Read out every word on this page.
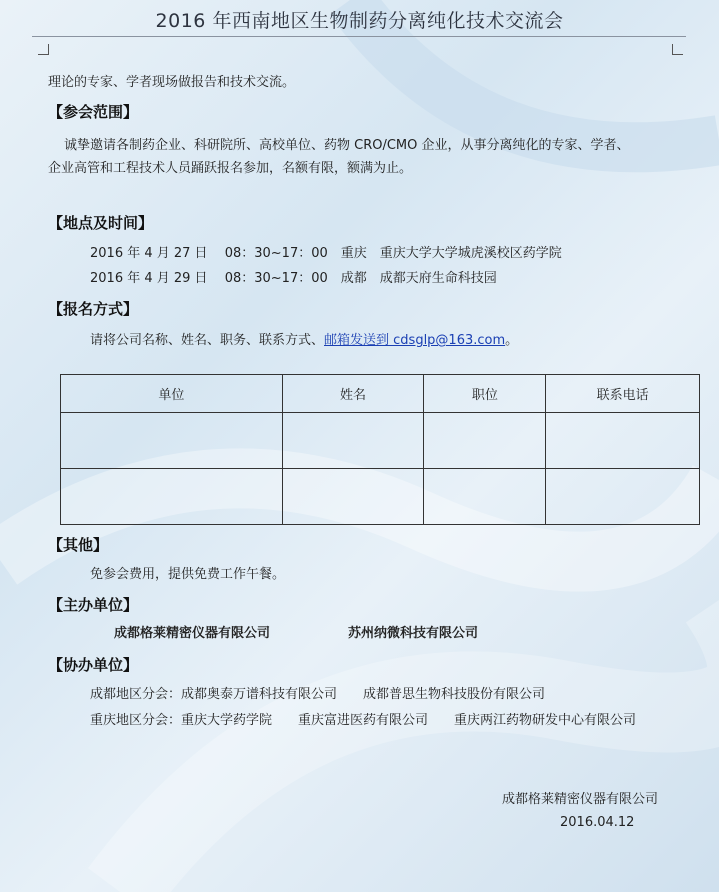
2016 年西南地区生物制药分离纯化技术交流会
理论的专家、学者现场做报告和技术交流。
【参会范围】
诚挚邀请各制药企业、科研院所、高校单位、药物 CRO/CMO 企业，从事分离纯化的专家、学者、
企业高管和工程技术人员踊跃报名参加，名额有限，额满为止。
【地点及时间】
2016 年 4 月 27 日 　08：30~17：00　重庆　重庆大学大学城虎溪校区药学院
2016 年 4 月 29 日 　08：30~17：00　成都　成都天府生命科技园
【报名方式】
请将公司名称、姓名、职务、联系方式、邮箱发送到 cdsglp@163.com。
单位	姓名	职位	联系电话

【其他】
免参会费用，提供免费工作午餐。
【主办单位】
成都格莱精密仪器有限公司	苏州纳微科技有限公司
【协办单位】
成都地区分会：成都奥泰万谱科技有限公司　　成都普思生物科技股份有限公司
重庆地区分会：重庆大学药学院　　重庆富进医药有限公司　　重庆两江药物研发中心有限公司
成都格莱精密仪器有限公司
2016.04.12
